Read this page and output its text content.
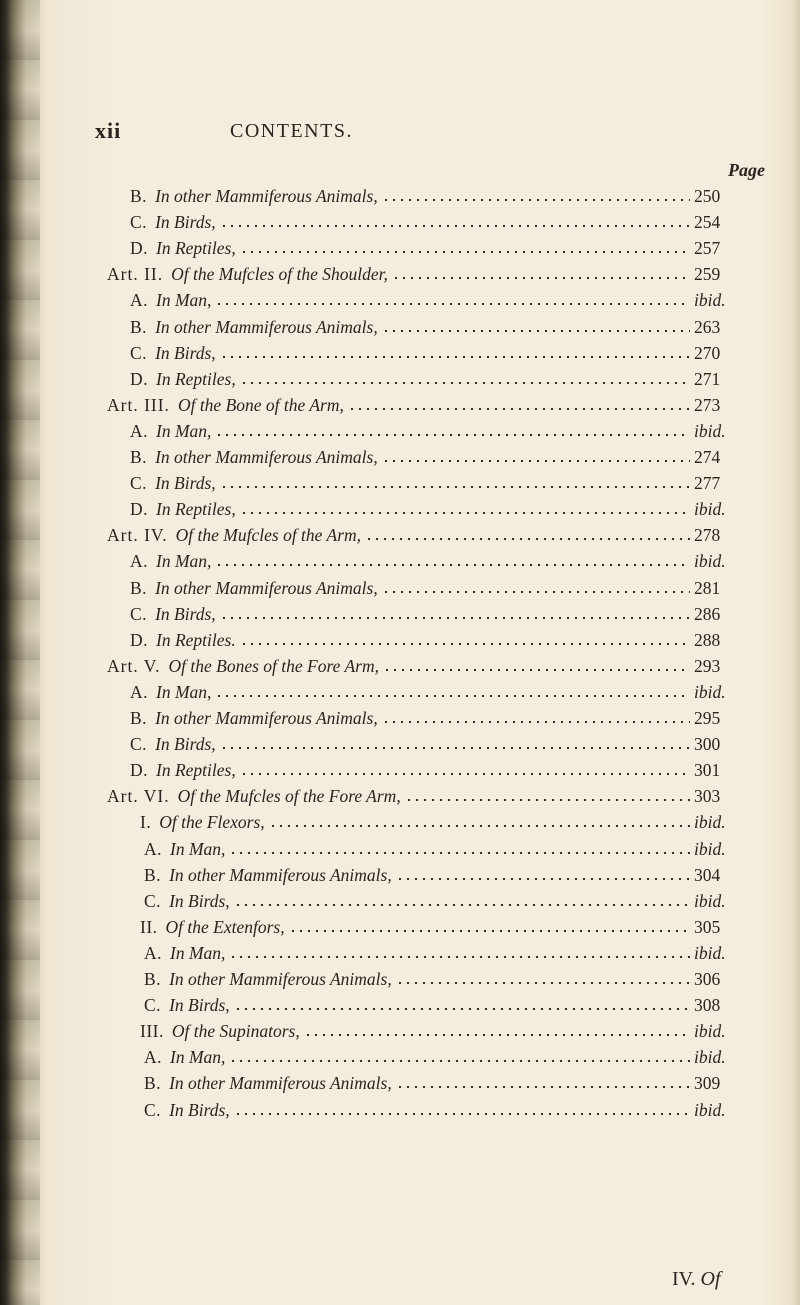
xii	CONTENTS.
Page
B. In other Mammiferous Animals,	250
C. In Birds,	254
D. In Reptiles,	257
Art. II. Of the Mufcles of the Shoulder,	259
A. In Man,	ibid.
B. In other Mammiferous Animals,	263
C. In Birds,	270
D. In Reptiles,	271
Art. III. Of the Bone of the Arm,	273
A. In Man,	ibid.
B. In other Mammiferous Animals,	274
C. In Birds,	277
D. In Reptiles,	ibid.
Art. IV. Of the Mufcles of the Arm,	278
A. In Man,	ibid.
B. In other Mammiferous Animals,	281
C. In Birds,	286
D. In Reptiles.	288
Art. V. Of the Bones of the Fore Arm,	293
A. In Man,	ibid.
B. In other Mammiferous Animals,	295
C. In Birds,	300
D. In Reptiles,	301
Art. VI. Of the Mufcles of the Fore Arm,	303
I. Of the Flexors,	ibid.
A. In Man,	ibid.
B. In other Mammiferous Animals,	304
C. In Birds,	ibid.
II. Of the Extenfors,	305
A. In Man,	ibid.
B. In other Mammiferous Animals,	306
C. In Birds,	308
III. Of the Supinators,	ibid.
A. In Man,	ibid.
B. In other Mammiferous Animals,	309
C. In Birds,	ibid.
IV. Of
